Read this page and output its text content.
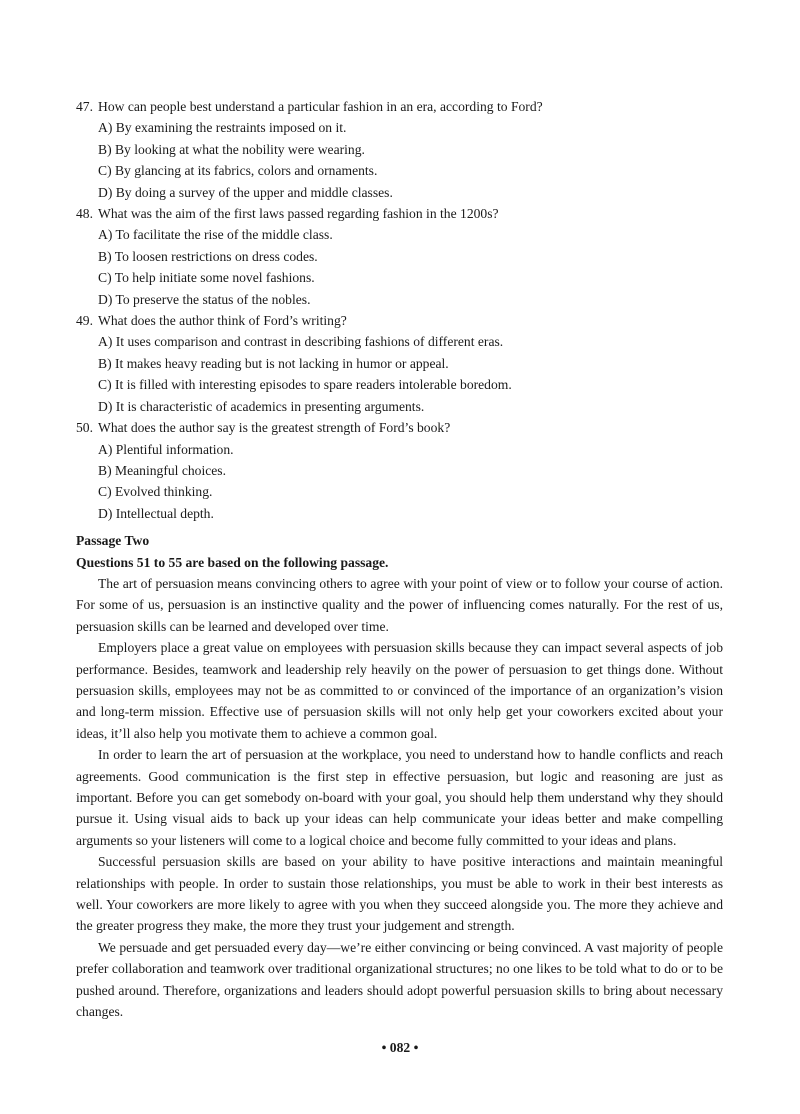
47. How can people best understand a particular fashion in an era, according to Ford?
A) By examining the restraints imposed on it.
B) By looking at what the nobility were wearing.
C) By glancing at its fabrics, colors and ornaments.
D) By doing a survey of the upper and middle classes.
48. What was the aim of the first laws passed regarding fashion in the 1200s?
A) To facilitate the rise of the middle class.
B) To loosen restrictions on dress codes.
C) To help initiate some novel fashions.
D) To preserve the status of the nobles.
49. What does the author think of Ford’s writing?
A) It uses comparison and contrast in describing fashions of different eras.
B) It makes heavy reading but is not lacking in humor or appeal.
C) It is filled with interesting episodes to spare readers intolerable boredom.
D) It is characteristic of academics in presenting arguments.
50. What does the author say is the greatest strength of Ford’s book?
A) Plentiful information.
B) Meaningful choices.
C) Evolved thinking.
D) Intellectual depth.
Passage Two
Questions 51 to 55 are based on the following passage.

The art of persuasion means convincing others to agree with your point of view or to follow your course of action. For some of us, persuasion is an instinctive quality and the power of influencing comes naturally. For the rest of us, persuasion skills can be learned and developed over time.

Employers place a great value on employees with persuasion skills because they can impact several aspects of job performance. Besides, teamwork and leadership rely heavily on the power of persuasion to get things done. Without persuasion skills, employees may not be as committed to or convinced of the importance of an organization’s vision and long-term mission. Effective use of persuasion skills will not only help get your coworkers excited about your ideas, it’ll also help you motivate them to achieve a common goal.

In order to learn the art of persuasion at the workplace, you need to understand how to handle conflicts and reach agreements. Good communication is the first step in effective persuasion, but logic and reasoning are just as important. Before you can get somebody on-board with your goal, you should help them understand why they should pursue it. Using visual aids to back up your ideas can help communicate your ideas better and make compelling arguments so your listeners will come to a logical choice and become fully committed to your ideas and plans.

Successful persuasion skills are based on your ability to have positive interactions and maintain meaningful relationships with people. In order to sustain those relationships, you must be able to work in their best interests as well. Your coworkers are more likely to agree with you when they succeed alongside you. The more they achieve and the greater progress they make, the more they trust your judgement and strength.

We persuade and get persuaded every day—we’re either convincing or being convinced. A vast majority of people prefer collaboration and teamwork over traditional organizational structures; no one likes to be told what to do or to be pushed around. Therefore, organizations and leaders should adopt powerful persuasion skills to bring about necessary changes.

• 082 •
